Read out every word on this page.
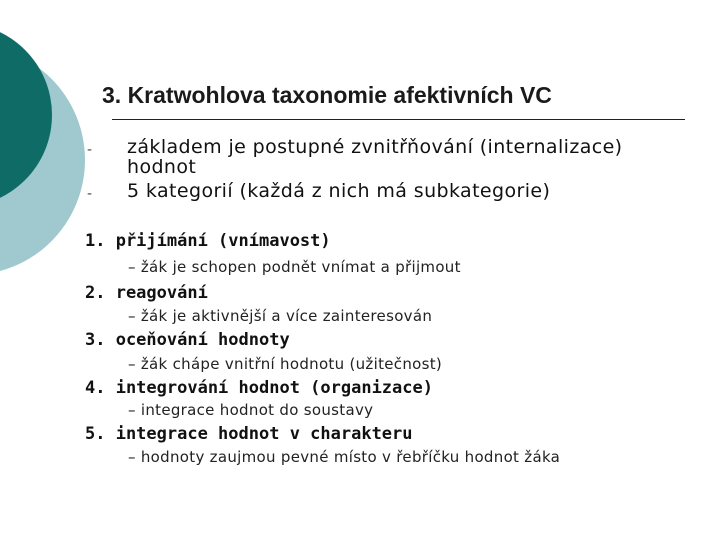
3. Kratwohlova taxonomie afektivních VC
- základem je postupné zvnitřňování (internalizace) hodnot
- 5 kategorií (každá z nich má subkategorie)
1. přijímání (vnímavost)
– žák je schopen podnět vnímat a přijmout
2. reagování
– žák je aktivnější a více zainteresován
3. oceňování hodnoty
– žák chápe vnitřní hodnotu (užitečnost)
4. integrování hodnot (organizace)
– integrace hodnot do soustavy
5. integrace hodnot v charakteru
– hodnoty zaujmou pevné místo v řebříčku hodnot žáka
